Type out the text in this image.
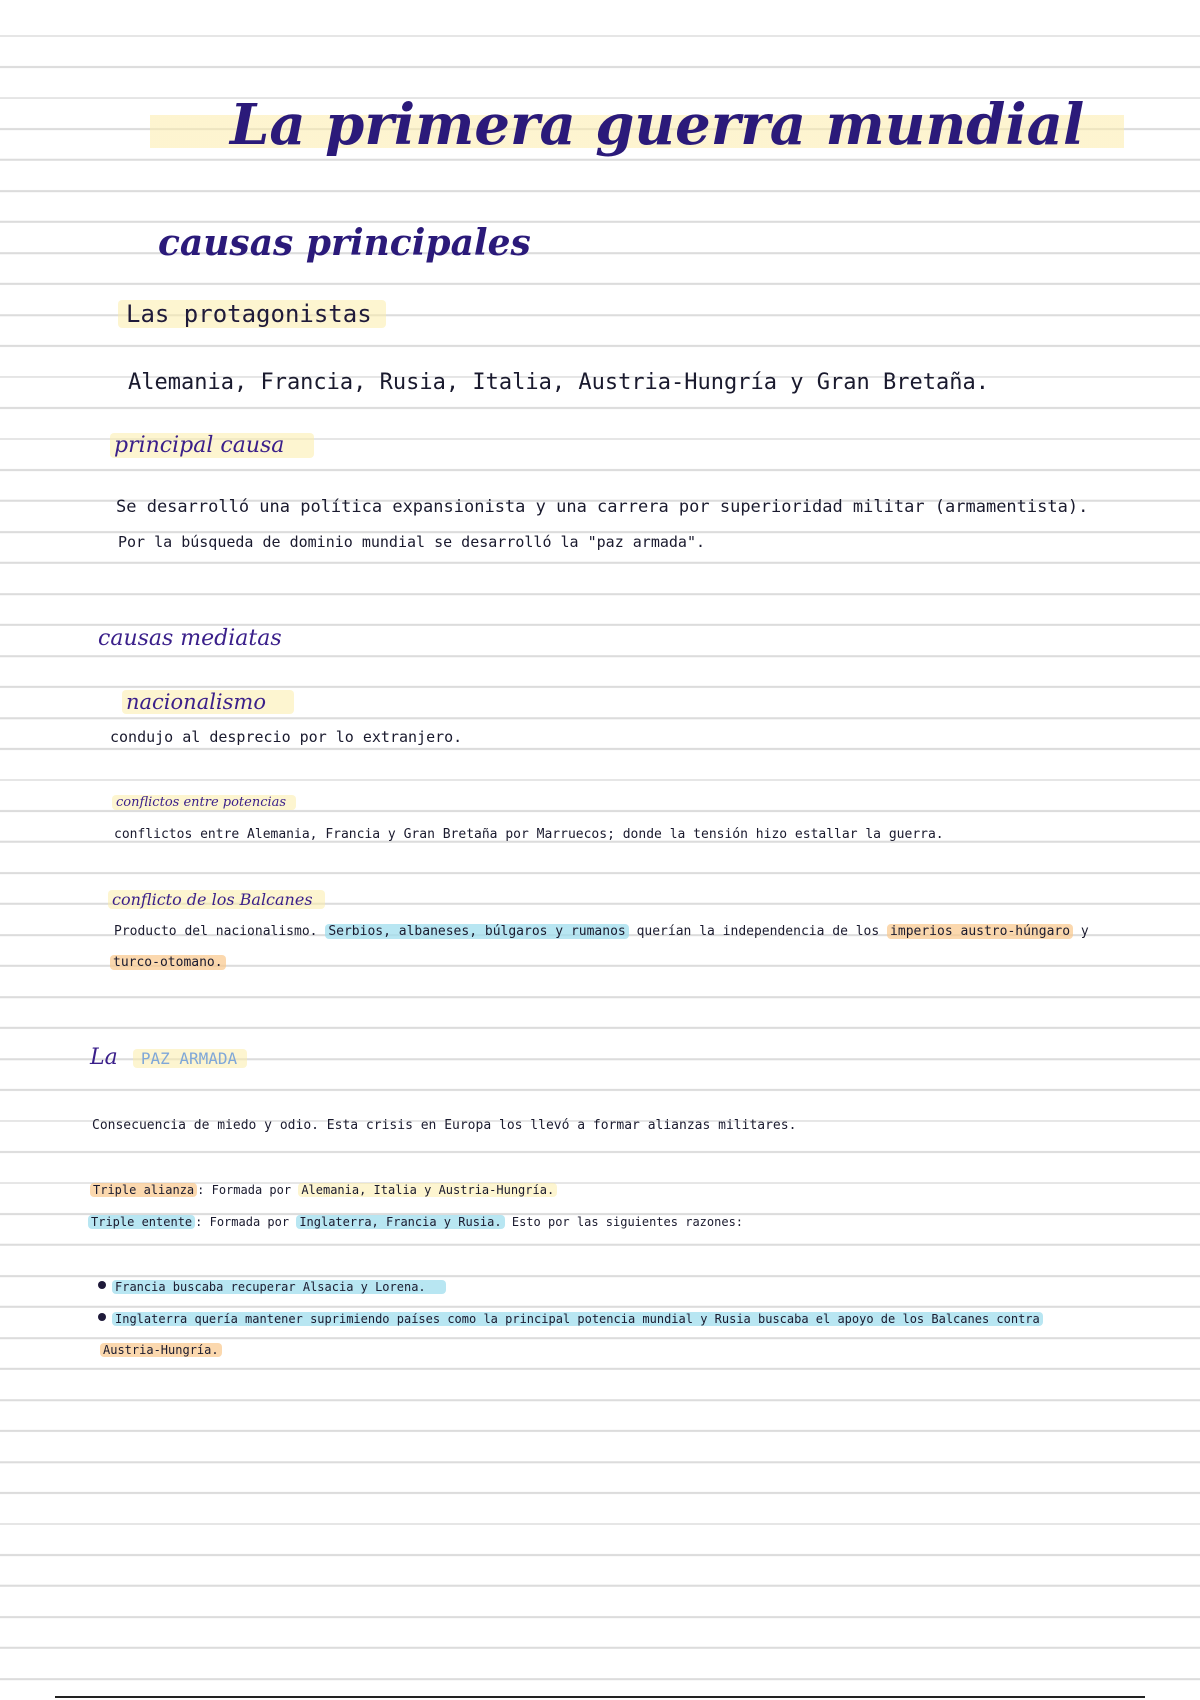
La primera guerra mundial
causas principales
Las protagonistas
Alemania, Francia, Rusia, Italia, Austria-Hungría y Gran Bretaña.
principal causa
Se desarrolló una política expansionista y una carrera por superioridad militar (armamentista).
Por la búsqueda de dominio mundial se desarrolló la "paz armada".
causas mediatas
nacionalismo
condujo al desprecio por lo extranjero.
conflictos entre potencias
conflictos entre Alemania, Francia y Gran Bretaña por Marruecos; donde la tensión hizo estallar la guerra.
conflicto de los Balcanes
Producto del nacionalismo. Serbios, albaneses, búlgaros y rumanos querían la independencia de los imperios austro-húngaro y
turco-otomano.
La PAZ ARMADA
Consecuencia de miedo y odio. Esta crisis en Europa los llevó a formar alianzas militares.
Triple alianza : Formada por Alemania, Italia y Austria-Hungría.
Triple entente : Formada por Inglaterra, Francia y Rusia. Esto por las siguientes razones:
Francia buscaba recuperar Alsacia y Lorena.
Inglaterra quería mantener suprimiendo países como la principal potencia mundial y Rusia buscaba el apoyo de los Balcanes contra
Austria-Hungría.
